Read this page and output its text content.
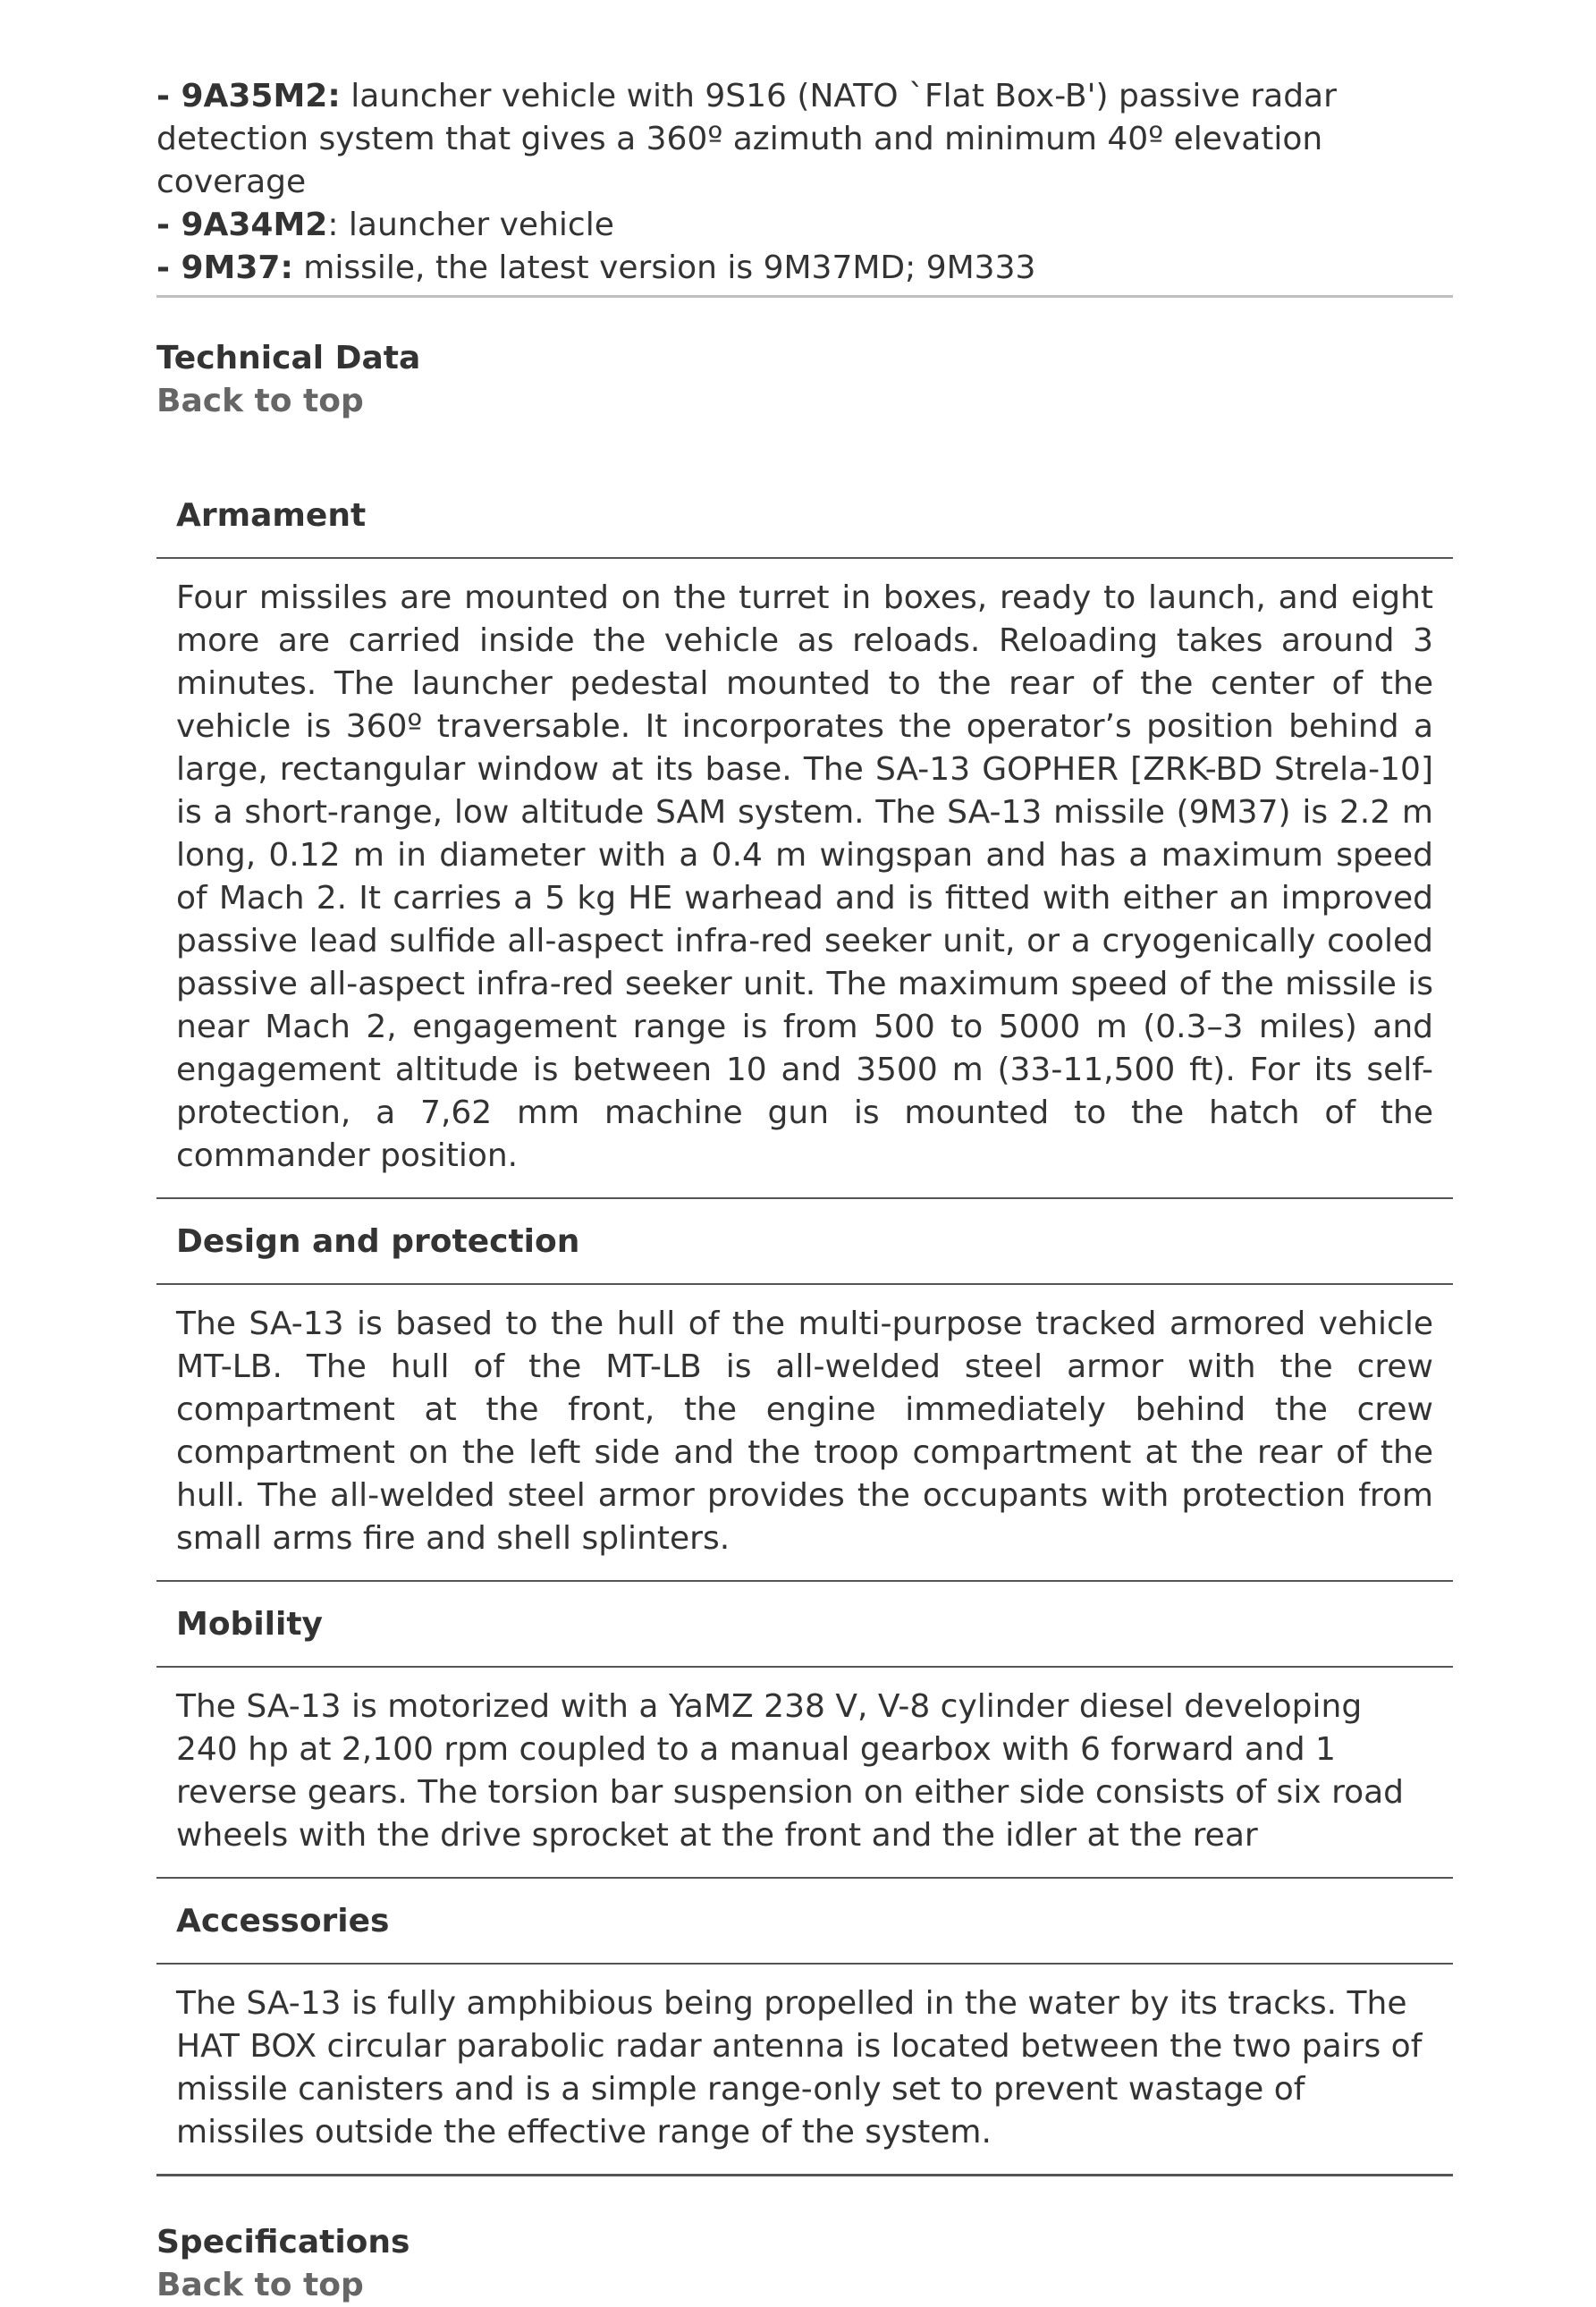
- 9A35M2: launcher vehicle with 9S16 (NATO `Flat Box-B') passive radar detection system that gives a 360º azimuth and minimum 40º elevation coverage
- 9A34M2: launcher vehicle
- 9M37: missile, the latest version is 9M37MD; 9M333
Technical Data
Back to top
Armament
Four missiles are mounted on the turret in boxes, ready to launch, and eight more are carried inside the vehicle as reloads. Reloading takes around 3 minutes. The launcher pedestal mounted to the rear of the center of the vehicle is 360º traversable. It incorporates the operator’s position behind a large, rectangular window at its base. The SA-13 GOPHER [ZRK-BD Strela-10] is a short-range, low altitude SAM system. The SA-13 missile (9M37) is 2.2 m long, 0.12 m in diameter with a 0.4 m wingspan and has a maximum speed of Mach 2. It carries a 5 kg HE warhead and is fitted with either an improved passive lead sulfide all-aspect infra-red seeker unit, or a cryogenically cooled passive all-aspect infra-red seeker unit. The maximum speed of the missile is near Mach 2, engagement range is from 500 to 5000 m (0.3–3 miles) and engagement altitude is between 10 and 3500 m (33-11,500 ft). For its self-protection, a 7,62 mm machine gun is mounted to the hatch of the commander position.
Design and protection
The SA-13 is based to the hull of the multi-purpose tracked armored vehicle MT-LB. The hull of the MT-LB is all-welded steel armor with the crew compartment at the front, the engine immediately behind the crew compartment on the left side and the troop compartment at the rear of the hull. The all-welded steel armor provides the occupants with protection from small arms fire and shell splinters.
Mobility
The SA-13 is motorized with a YaMZ 238 V, V-8 cylinder diesel developing 240 hp at 2,100 rpm coupled to a manual gearbox with 6 forward and 1 reverse gears. The torsion bar suspension on either side consists of six road wheels with the drive sprocket at the front and the idler at the rear
Accessories
The SA-13 is fully amphibious being propelled in the water by its tracks. The HAT BOX circular parabolic radar antenna is located between the two pairs of missile canisters and is a simple range-only set to prevent wastage of missiles outside the effective range of the system.
Specifications
Back to top
